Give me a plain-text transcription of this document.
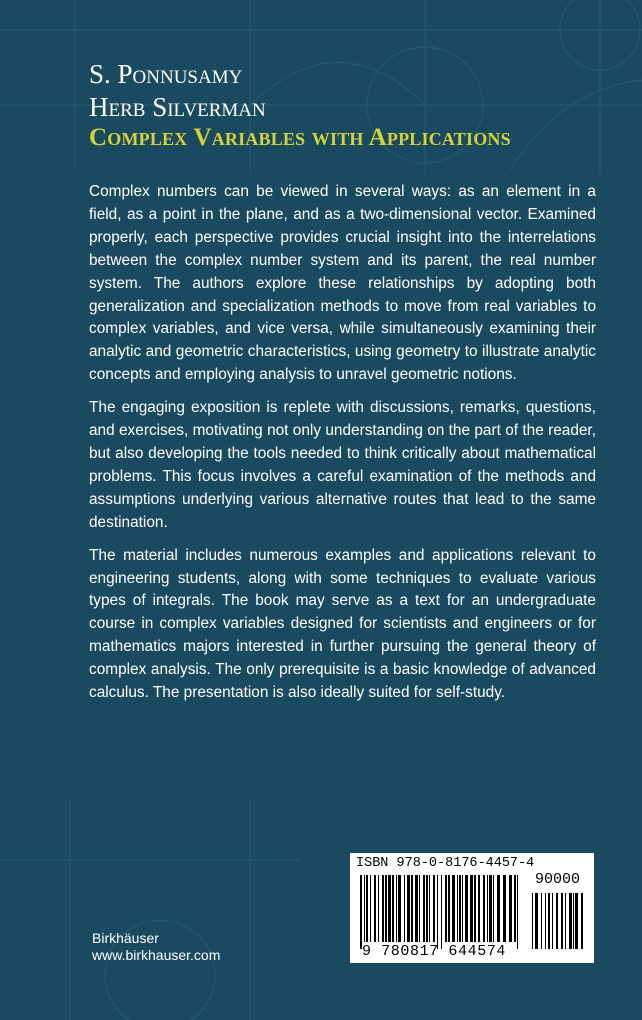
S. Ponnusamy
Herb Silverman
Complex Variables with Applications

Complex numbers can be viewed in several ways: as an element in a field, as a point in the plane, and as a two-dimensional vector. Examined properly, each perspective provides crucial insight into the interrelations between the complex number system and its parent, the real number system. The authors explore these relationships by adopting both generalization and specialization methods to move from real variables to complex variables, and vice versa, while simultaneously examining their analytic and geometric characteristics, using geometry to illustrate analytic concepts and employing analysis to unravel geometric notions.

The engaging exposition is replete with discussions, remarks, questions, and exercises, motivating not only understanding on the part of the reader, but also developing the tools needed to think critically about mathematical problems. This focus involves a careful examination of the methods and assumptions underlying various alternative routes that lead to the same destination.

The material includes numerous examples and applications relevant to engineering students, along with some techniques to evaluate various types of integrals. The book may serve as a text for an undergraduate course in complex variables designed for scientists and engineers or for mathematics majors interested in further pursuing the general theory of complex analysis. The only prerequisite is a basic knowledge of advanced calculus. The presentation is also ideally suited for self-study.

Birkhäuser
www.birkhauser.com
ISBN 978-0-8176-4457-4
90000
9 780817 644574
